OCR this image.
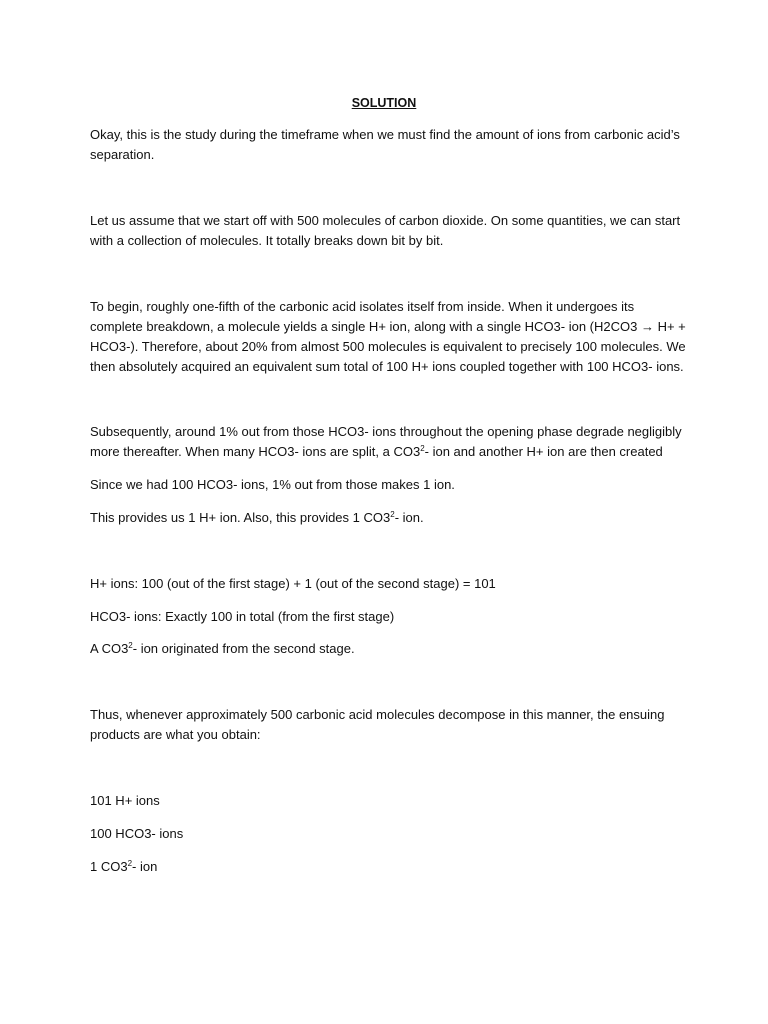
SOLUTION

Okay, this is the study during the timeframe when we must find the amount of ions from carbonic acid’s separation.

Let us assume that we start off with 500 molecules of carbon dioxide. On some quantities, we can start with a collection of molecules. It totally breaks down bit by bit.

To begin, roughly one-fifth of the carbonic acid isolates itself from inside. When it undergoes its complete breakdown, a molecule yields a single H+ ion, along with a single HCO3- ion (H2CO3 → H+ + HCO3-). Therefore, about 20% from almost 500 molecules is equivalent to precisely 100 molecules. We then absolutely acquired an equivalent sum total of 100 H+ ions coupled together with 100 HCO3- ions.

Subsequently, around 1% out from those HCO3- ions throughout the opening phase degrade negligibly more thereafter. When many HCO3- ions are split, a $CO3^2-$ ion and another H+ ion are then created

Since we had 100 HCO3- ions, 1% out from those makes 1 ion.

This provides us 1 H+ ion. Also, this provides 1 $CO3^2-$ ion.

H+ ions: 100 (out of the first stage) + 1 (out of the second stage) = 101

HCO3- ions: Exactly 100 in total (from the first stage)

A $CO3^2-$ ion originated from the second stage.

Thus, whenever approximately 500 carbonic acid molecules decompose in this manner, the ensuing products are what you obtain:

101 H+ ions

100 HCO3- ions

1 $CO3^2-$ ion
